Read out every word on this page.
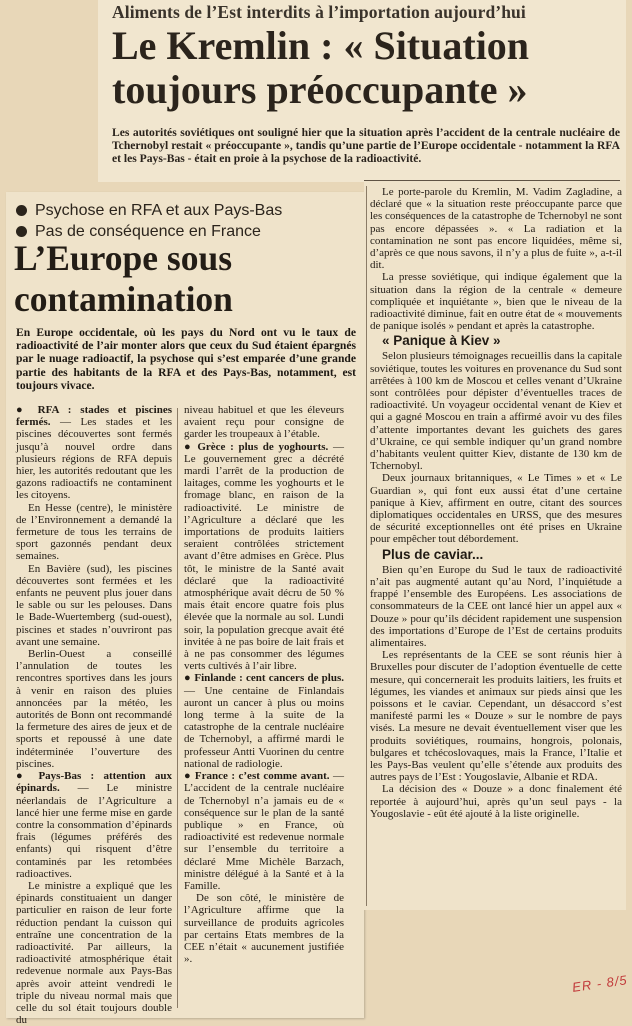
Aliments de l’Est interdits à l’importation aujourd’hui
Le Kremlin : « Situation
toujours préoccupante »
Les autorités soviétiques ont souligné hier que la situation après l’accident de la centrale nucléaire de Tchernobyl restait « préoccupante », tandis qu’une partie de l’Europe occidentale - notamment la RFA et les Pays-Bas - était en proie à la psychose de la radioactivité.
Psychose en RFA et aux Pays-Bas
Pas de conséquence en France
L’Europe sous
contamination
En Europe occidentale, où les pays du Nord ont vu le taux de radioactivité de l’air monter alors que ceux du Sud étaient épargnés par le nuage radioactif, la psychose qui s’est emparée d’une grande partie des habitants de la RFA et des Pays-Bas, notamment, est toujours vivace.

● RFA : stades et piscines fermés. — Les stades et les piscines découvertes sont fermés jusqu’à nouvel ordre dans plusieurs régions de RFA depuis hier, les autorités redoutant que les gazons radioactifs ne contaminent les citoyens.

En Hesse (centre), le ministère de l’Environnement a demandé la fermeture de tous les terrains de sport gazonnés pendant deux semaines.

En Bavière (sud), les piscines découvertes sont fermées et les enfants ne peuvent plus jouer dans le sable ou sur les pelouses. Dans le Bade-Wuertemberg (sud-ouest), piscines et stades n’ouvriront pas avant une semaine.

Berlin-Ouest a conseillé l’annulation de toutes les rencontres sportives dans les jours à venir en raison des pluies annoncées par la météo, les autorités de Bonn ont recommandé la fermeture des aires de jeux et de sports et repoussé à une date indéterminée l’ouverture des piscines.

● Pays-Bas : attention aux épinards. — Le ministre néerlandais de l’Agriculture a lancé hier une ferme mise en garde contre la consommation d’épinards frais (légumes préférés des enfants) qui risquent d’être contaminés par les retombées radioactives.

Le ministre a expliqué que les épinards constituaient un danger particulier en raison de leur forte réduction pendant la cuisson qui entraîne une concentration de la radioactivité. Par ailleurs, la radioactivité atmosphérique était redevenue normale aux Pays-Bas après avoir atteint vendredi le triple du niveau normal mais que celle du sol était toujours double du

niveau habituel et que les éleveurs avaient reçu pour consigne de garder les troupeaux à l’étable.

● Grèce : plus de yoghourts. — Le gouvernement grec a décrété mardi l’arrêt de la production de laitages, comme les yoghourts et le fromage blanc, en raison de la radioactivité. Le ministre de l’Agriculture a déclaré que les importations de produits laitiers seraient contrôlées strictement avant d’être admises en Grèce. Plus tôt, le ministre de la Santé avait déclaré que la radioactivité atmosphérique avait décru de 50 % mais était encore quatre fois plus élevée que la normale au sol. Lundi soir, la population grecque avait été invitée à ne pas boire de lait frais et à ne pas consommer des légumes verts cultivés à l’air libre.

● Finlande : cent cancers de plus. — Une centaine de Finlandais auront un cancer à plus ou moins long terme à la suite de la catastrophe de la centrale nucléaire de Tchernobyl, a affirmé mardi le professeur Antti Vuorinen du centre national de radiologie.

● France : c’est comme avant. — L’accident de la centrale nucléaire de Tchernobyl n’a jamais eu de « conséquence sur le plan de la santé publique » en France, où radioactivité est redevenue normale sur l’ensemble du territoire a déclaré Mme Michèle Barzach, ministre délégué à la Santé et à la Famille.

De son côté, le ministère de l’Agriculture affirme que la surveillance de produits agricoles par certains Etats membres de la CEE n’était « aucunement justifiée ».

Le porte-parole du Kremlin, M. Vadim Zagladine, a déclaré que « la situation reste préoccupante parce que les conséquences de la catastrophe de Tchernobyl ne sont pas encore dépassées ». « La radiation et la contamination ne sont pas encore liquidées, même si, d’après ce que nous savons, il n’y a plus de fuite », a-t-il dit.

La presse soviétique, qui indique également que la situation dans la région de la centrale « demeure compliquée et inquiétante », bien que le niveau de la radioactivité diminue, fait en outre état de « mouvements de panique isolés » pendant et après la catastrophe.

« Panique à Kiev »

Selon plusieurs témoignages recueillis dans la capitale soviétique, toutes les voitures en provenance du Sud sont arrêtées à 100 km de Moscou et celles venant d’Ukraine sont contrôlées pour dépister d’éventuelles traces de radioactivité. Un voyageur occidental venant de Kiev et qui a gagné Moscou en train a affirmé avoir vu des files d’attente importantes devant les guichets des gares d’Ukraine, ce qui semble indiquer qu’un grand nombre d’habitants veulent quitter Kiev, distante de 130 km de Tchernobyl.

Deux journaux britanniques, « Le Times » et « Le Guardian », qui font eux aussi état d’une certaine panique à Kiev, affirment en outre, citant des sources diplomatiques occidentales en URSS, que des mesures de sécurité exceptionnelles ont été prises en Ukraine pour empêcher tout débordement.

Plus de caviar...

Bien qu’en Europe du Sud le taux de radioactivité n’ait pas augmenté autant qu’au Nord, l’inquiétude a frappé l’ensemble des Européens. Les associations de consommateurs de la CEE ont lancé hier un appel aux « Douze » pour qu’ils décident rapidement une suspension des importations d’Europe de l’Est de certains produits alimentaires.

Les représentants de la CEE se sont réunis hier à Bruxelles pour discuter de l’adoption éventuelle de cette mesure, qui concernerait les produits laitiers, les fruits et légumes, les viandes et animaux sur pieds ainsi que les poissons et le caviar. Cependant, un désaccord s’est manifesté parmi les « Douze » sur le nombre de pays visés. La mesure ne devait éventuellement viser que les produits soviétiques, roumains, hongrois, polonais, bulgares et tchécoslovaques, mais la France, l’Italie et les Pays-Bas veulent qu’elle s’étende aux produits des autres pays de l’Est : Yougoslavie, Albanie et RDA.

La décision des « Douze » a donc finalement été reportée à aujourd’hui, après qu’un seul pays - la Yougoslavie - eût été ajouté à la liste originelle.

ER - 8/5
